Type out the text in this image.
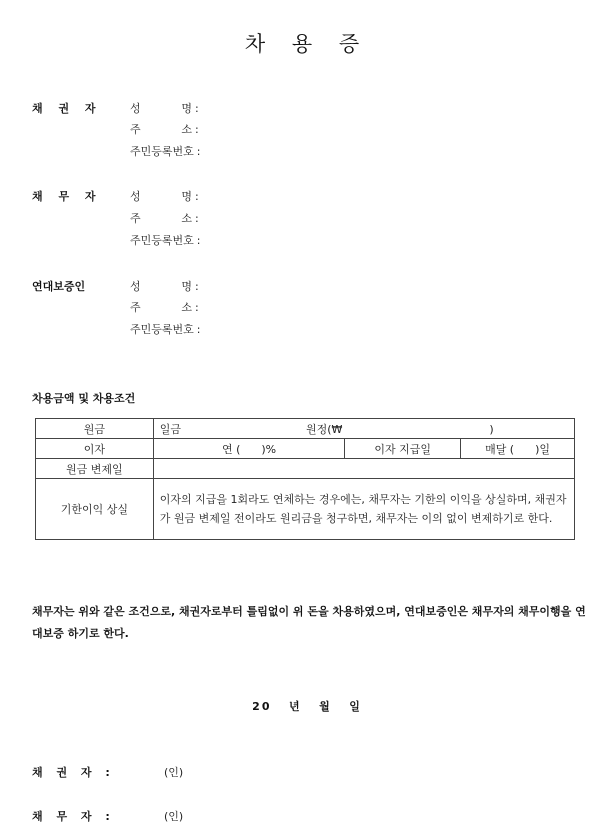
차 용 증
채 권 자	성 명 :
주 소 :
주민등록번호 :
채 무 자	성 명 :
주 소 :
주민등록번호 :
연대보증인	성 명 :
주 소 :
주민등록번호 :
차용금액 및 차용조건
원금	일금 원정(₩ )		
이자	연 (      )%	이자 지급일	매달 (      )일
원금 변제일			
기한이익 상실	이자의 지급을 1회라도 연체하는 경우에는, 채무자는 기한의 이익을 상실하며, 채권자가 원금 변제일 전이라도 원리금을 청구하면, 채무자는 이의 없이 변제하기로 한다.		
채무자는 위와 같은 조건으로, 채권자로부터 틀림없이 위 돈을 차용하였으며, 연대보증인은 채무자의 채무이행을 연대보증 하기로 한다.
20   년   월   일
채 권 자 :	(인)
채 무 자 :	(인)
